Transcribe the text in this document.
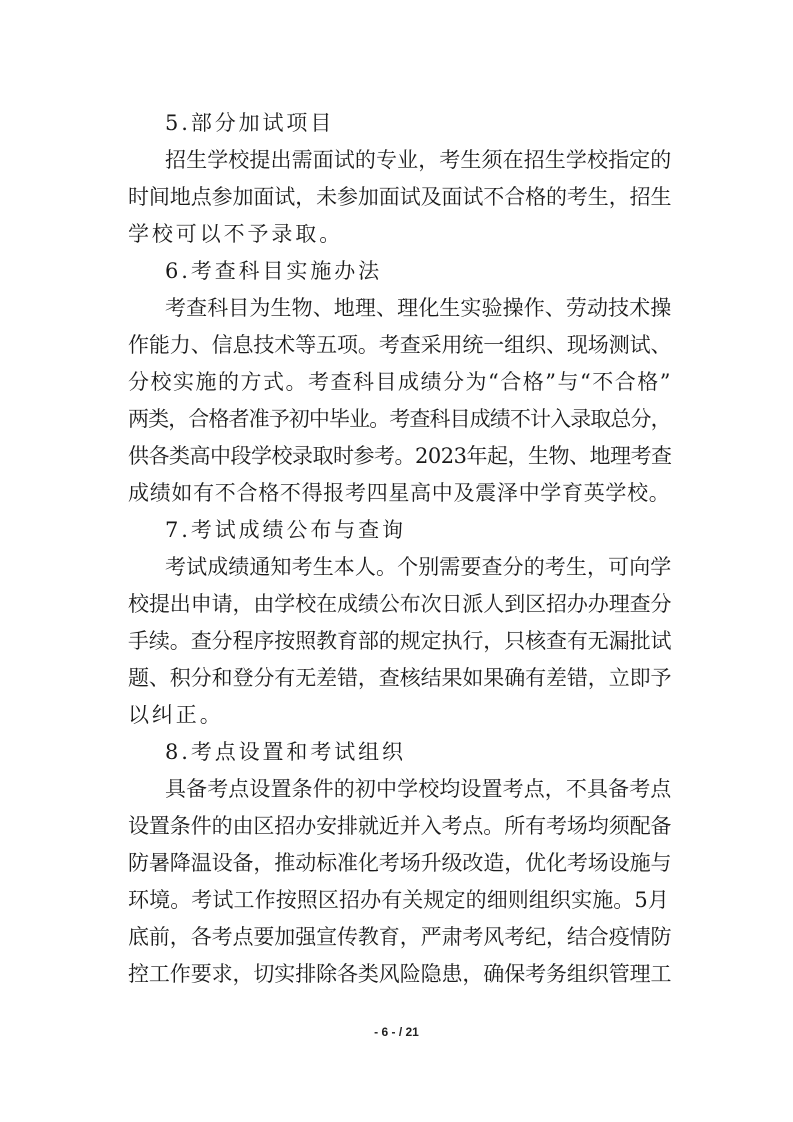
5.部分加试项目
招生学校提出需面试的专业，考生须在招生学校指定的
时间地点参加面试，未参加面试及面试不合格的考生，招生
学校可以不予录取。
6.考查科目实施办法
考查科目为生物、地理、理化生实验操作、劳动技术操
作能力、信息技术等五项。考查采用统一组织、现场测试、
分校实施的方式。考查科目成绩分为“合格”与“不合格”
两类，合格者准予初中毕业。考查科目成绩不计入录取总分，
供各类高中段学校录取时参考。2023年起，生物、地理考查
成绩如有不合格不得报考四星高中及震泽中学育英学校。
7.考试成绩公布与查询
考试成绩通知考生本人。个别需要查分的考生，可向学
校提出申请，由学校在成绩公布次日派人到区招办办理查分
手续。查分程序按照教育部的规定执行，只核查有无漏批试
题、积分和登分有无差错，查核结果如果确有差错，立即予
以纠正。
8.考点设置和考试组织
具备考点设置条件的初中学校均设置考点，不具备考点
设置条件的由区招办安排就近并入考点。所有考场均须配备
防暑降温设备，推动标准化考场升级改造，优化考场设施与
环境。考试工作按照区招办有关规定的细则组织实施。5月
底前，各考点要加强宣传教育，严肃考风考纪，结合疫情防
控工作要求，切实排除各类风险隐患，确保考务组织管理工
- 6 - / 21
